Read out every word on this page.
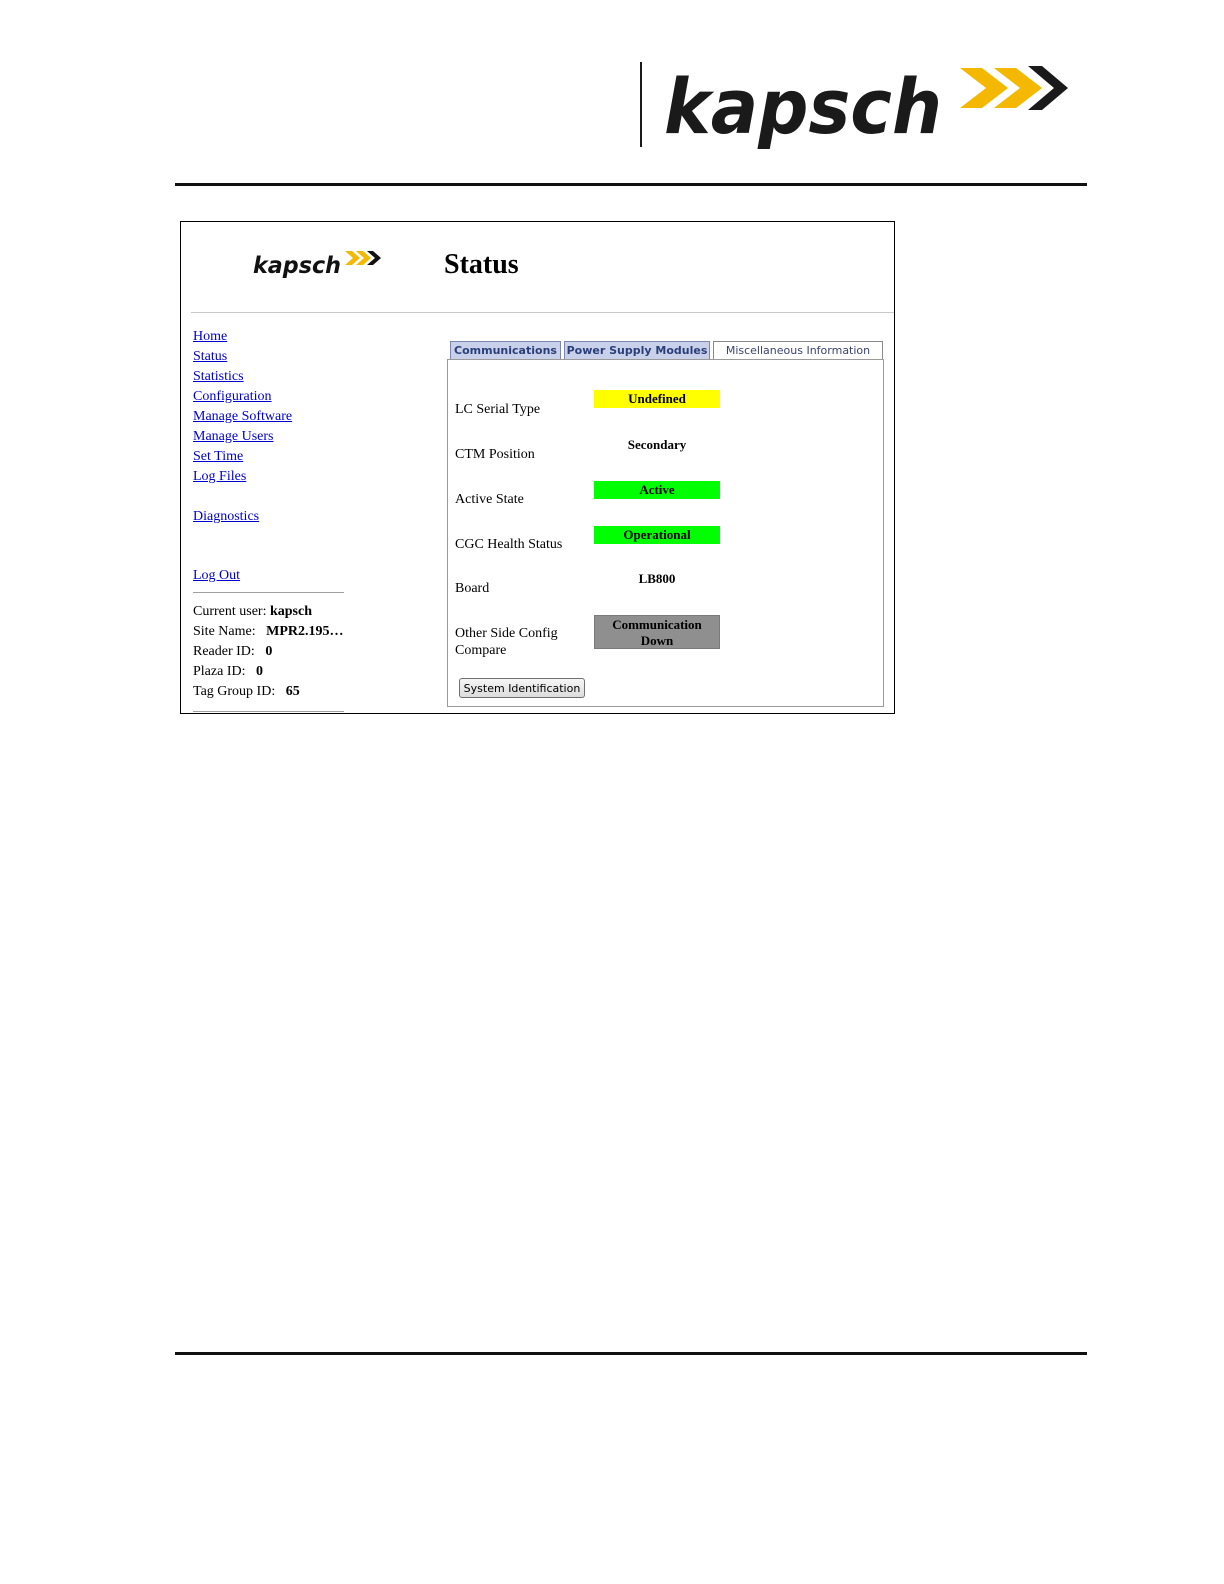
kapsch
kapsch	Status
Home
Status
Statistics
Configuration
Manage Software
Manage Users
Set Time
Log Files
Diagnostics
Log Out
Current user: kapsch
Site Name: MPR2.195…
Reader ID: 0
Plaza ID: 0
Tag Group ID: 65
Communications Power Supply Modules	Miscellaneous Information
LC Serial Type
Undefined
CTM Position
Secondary
Active State
Active
CGC Health Status
Operational
Board
LB800
Other Side Config Compare
Communication Down
System Identification
